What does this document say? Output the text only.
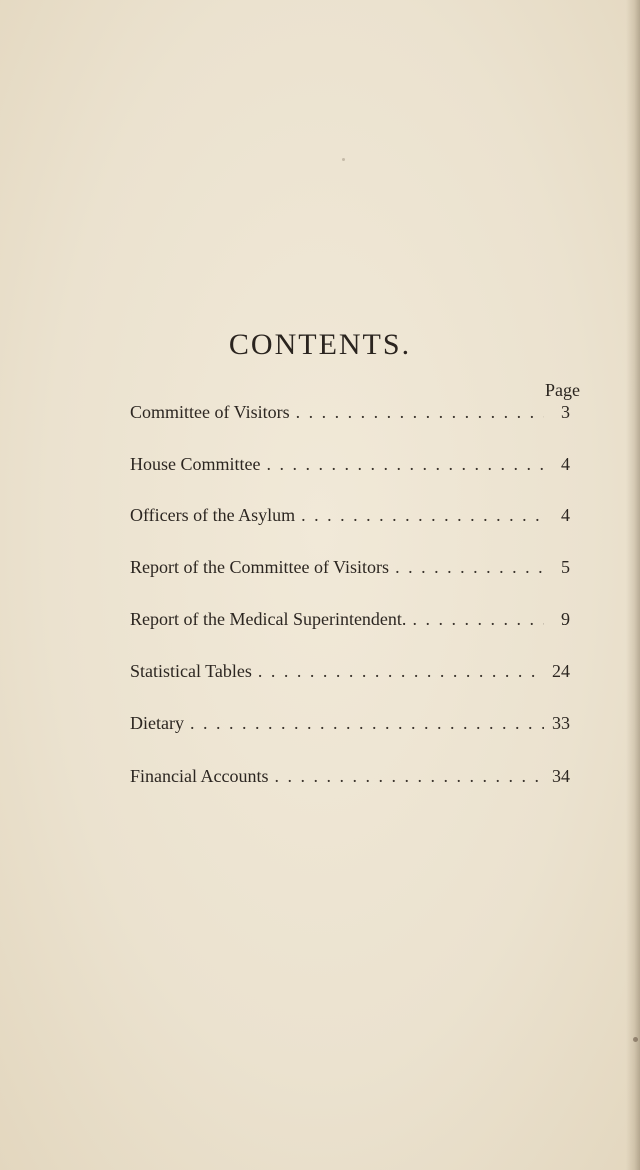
CONTENTS.
Page
Committee of Visitors . . .	3
House Committee . . .	4
Officers of the Asylum . . .	4
Report of the Committee of Visitors . . .	5
Report of the Medical Superintendent. . . .	9
Statistical Tables . . .	24
Dietary . . .	33
Financial Accounts . . .	34
